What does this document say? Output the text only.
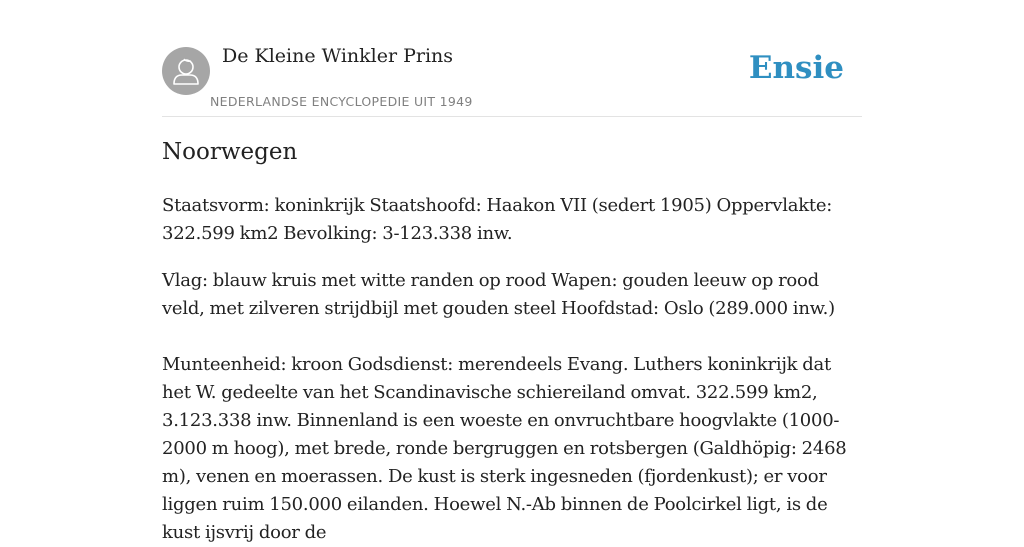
De Kleine Winkler Prins
NEDERLANDSE ENCYCLOPEDIE UIT 1949
Ensie
Noorwegen

Staatsvorm: koninkrijk Staatshoofd: Haakon VII (sedert 1905) Oppervlakte: 322.599 km2 Bevolking: 3-123.338 inw.

Vlag: blauw kruis met witte randen op rood Wapen: gouden leeuw op rood veld, met zilveren strijdbijl met gouden steel Hoofdstad: Oslo (289.000 inw.)

Munteenheid: kroon Godsdienst: merendeels Evang. Luthers koninkrijk dat het W. gedeelte van het Scandinavische schiereiland omvat. 322.599 km2, 3.123.338 inw. Binnenland is een woeste en onvruchtbare hoogvlakte (1000-2000 m hoog), met brede, ronde bergruggen en rotsbergen (Galdhöpig: 2468 m), venen en moerassen. De kust is sterk ingesneden (fjordenkust); er voor liggen ruim 150.000 eilanden. Hoewel N.-Ab binnen de Poolcirkel ligt, is de kust ijsvrij door de
